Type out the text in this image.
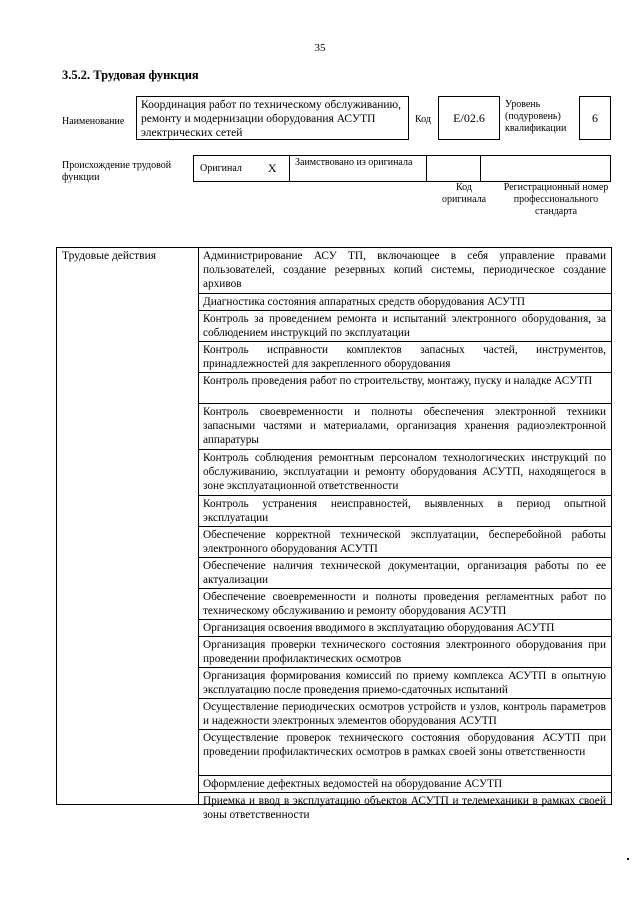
35
3.5.2. Трудовая функция
Наименование
Координация работ по техническому обслуживанию, ремонту и модернизации оборудования АСУТП электрических сетей
Код	E/02.6
Уровень (подуровень) квалификации
6
Происхождение трудовой функции
Оригинал X	Заимствовано из оригинала
Код оригинала
Регистрационный номер профессионального стандарта
Трудовые действия	Администрирование АСУ ТП, включающее в себя управление правами пользователей, создание резервных копий системы, периодическое создание архивов
Диагностика состояния аппаратных средств оборудования АСУТП
Контроль за проведением ремонта и испытаний электронного оборудования, за соблюдением инструкций по эксплуатации
Контроль исправности комплектов запасных частей, инструментов, принадлежностей для закрепленного оборудования
Контроль проведения работ по строительству, монтажу, пуску и наладке АСУТП
Контроль своевременности и полноты обеспечения электронной техники запасными частями и материалами, организация хранения радиоэлектронной аппаратуры
Контроль соблюдения ремонтным персоналом технологических инструкций по обслуживанию, эксплуатации и ремонту оборудования АСУТП, находящегося в зоне эксплуатационной ответственности
Контроль устранения неисправностей, выявленных в период опытной эксплуатации
Обеспечение корректной технической эксплуатации, бесперебойной работы электронного оборудования АСУТП
Обеспечение наличия технической документации, организация работы по ее актуализации
Обеспечение своевременности и полноты проведения регламентных работ по техническому обслуживанию и ремонту оборудования АСУТП
Организация освоения вводимого в эксплуатацию оборудования АСУТП
Организация проверки технического состояния электронного оборудования при проведении профилактических осмотров
Организация формирования комиссий по приему комплекса АСУТП в опытную эксплуатацию после проведения приемо-сдаточных испытаний
Осуществление периодических осмотров устройств и узлов, контроль параметров и надежности электронных элементов оборудования АСУТП
Осуществление проверок технического состояния оборудования АСУТП при проведении профилактических осмотров в рамках своей зоны ответственности
Оформление дефектных ведомостей на оборудование АСУТП
Приемка и ввод в эксплуатацию объектов АСУТП и телемеханики в рамках своей зоны ответственности
